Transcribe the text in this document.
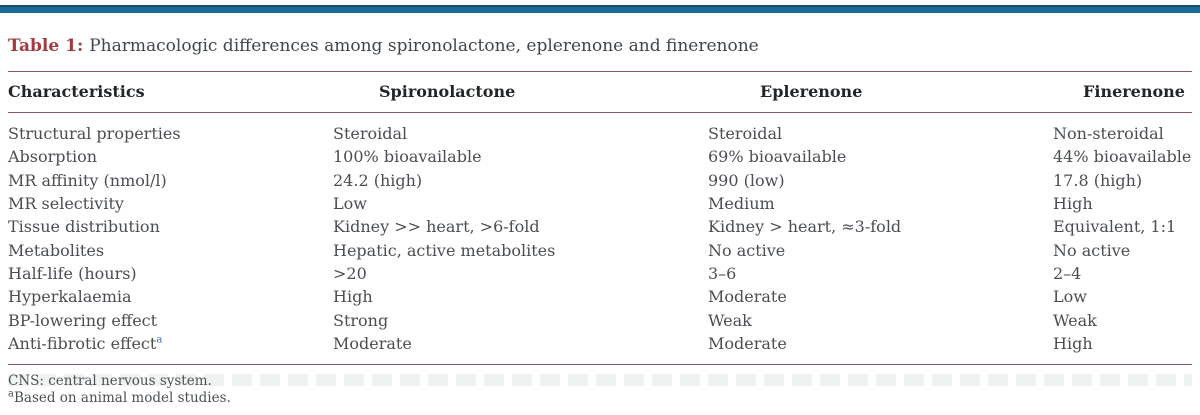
Table 1: Pharmacologic differences among spironolactone, eplerenone and finerenone
Characteristics	Spironolactone	Eplerenone	Finerenone
Structural properties	Steroidal	Steroidal	Non-steroidal
Absorption	100% bioavailable	69% bioavailable	44% bioavailable
MR affinity (nmol/l)	24.2 (high)	990 (low)	17.8 (high)
MR selectivity	Low	Medium	High
Tissue distribution	Kidney >> heart, >6-fold	Kidney > heart, ≈3-fold	Equivalent, 1:1
Metabolites	Hepatic, active metabolites	No active	No active
Half-life (hours)	>20	3–6	2–4
Hyperkalaemia	High	Moderate	Low
BP-lowering effect	Strong	Weak	Weak
Anti-fibrotic effect$^a$	Moderate	Moderate	High
CNS: central nervous system.
$^a$Based on animal model studies.
